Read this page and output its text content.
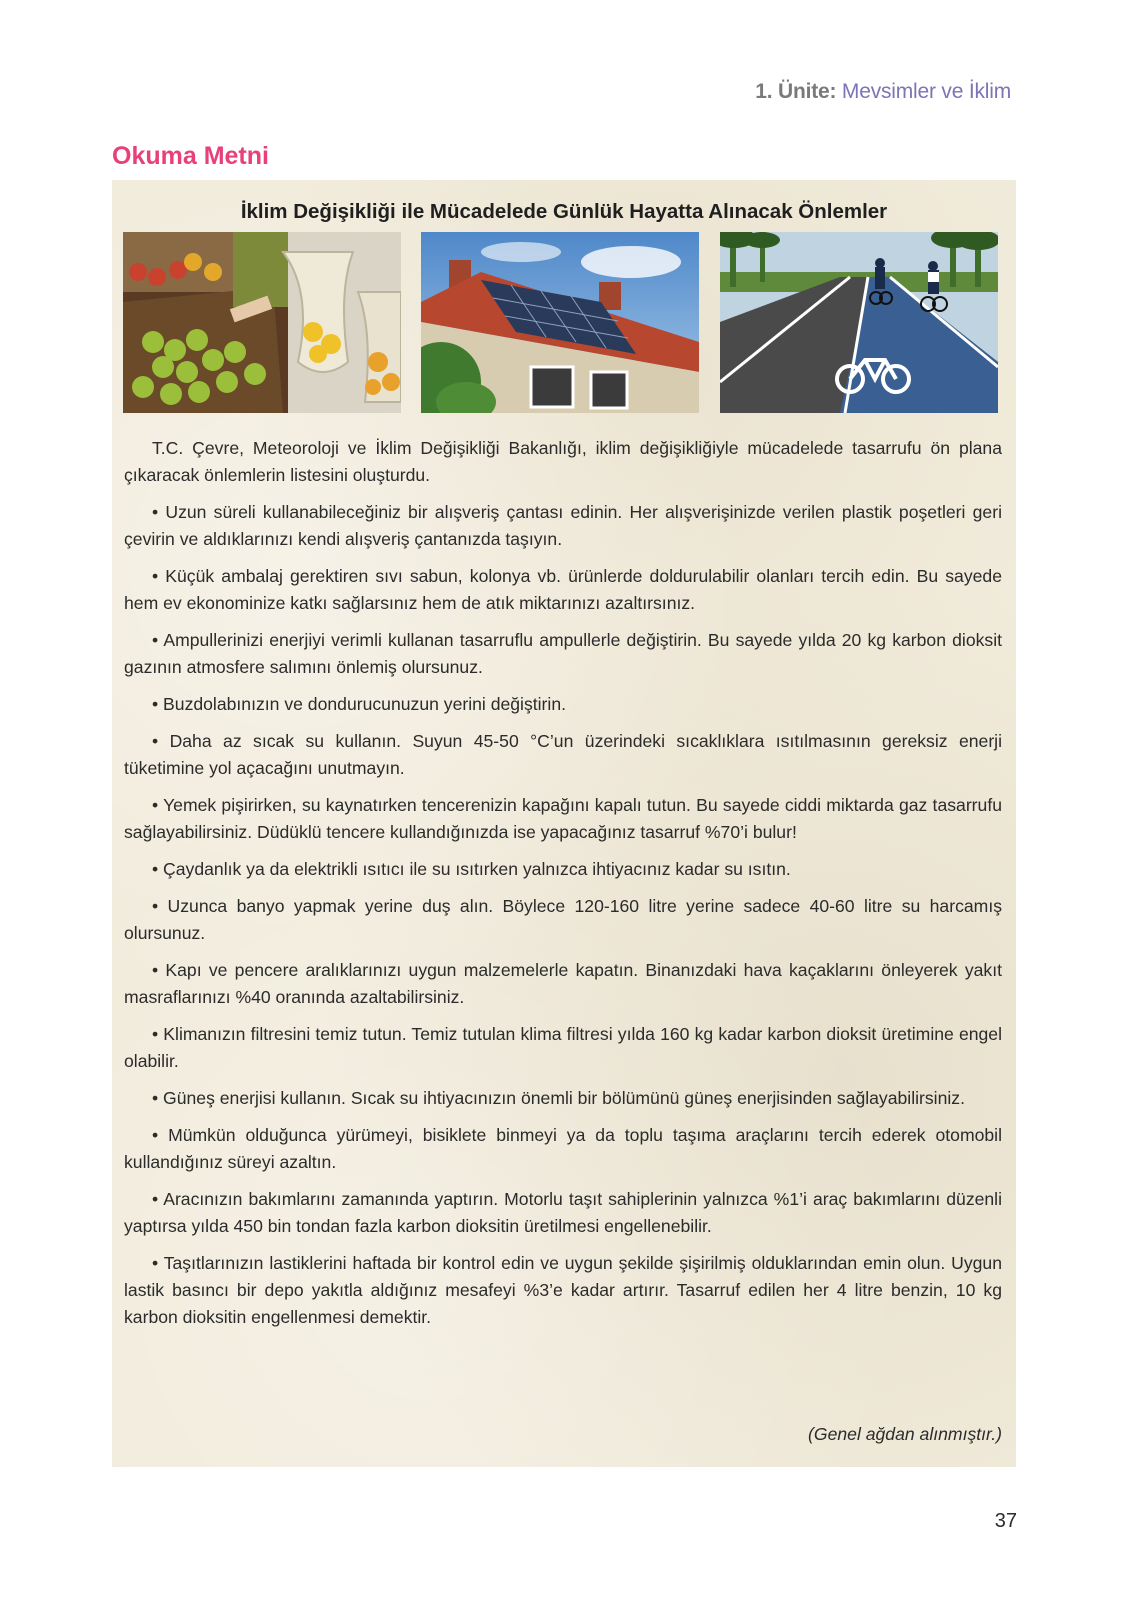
1. Ünite: Mevsimler ve İklim
Okuma Metni
İklim Değişikliği ile Mücadelede Günlük Hayatta Alınacak Önlemler

T.C. Çevre, Meteoroloji ve İklim Değişikliği Bakanlığı, iklim değişikliğiyle mücadelede tasarrufu ön plana çıkaracak önlemlerin listesini oluşturdu.

• Uzun süreli kullanabileceğiniz bir alışveriş çantası edinin. Her alışverişinizde verilen plastik poşetleri geri çevirin ve aldıklarınızı kendi alışveriş çantanızda taşıyın.

• Küçük ambalaj gerektiren sıvı sabun, kolonya vb. ürünlerde doldurulabilir olanları tercih edin. Bu sayede hem ev ekonominize katkı sağlarsınız hem de atık miktarınızı azaltırsınız.

• Ampullerinizi enerjiyi verimli kullanan tasarruflu ampullerle değiştirin. Bu sayede yılda 20 kg karbon dioksit gazının atmosfere salımını önlemiş olursunuz.

• Buzdolabınızın ve dondurucunuzun yerini değiştirin.

• Daha az sıcak su kullanın. Suyun 45-50 °C’un üzerindeki sıcaklıklara ısıtılmasının gereksiz enerji tüketimine yol açacağını unutmayın.

• Yemek pişirirken, su kaynatırken tencerenizin kapağını kapalı tutun. Bu sayede ciddi miktarda gaz tasarrufu sağlayabilirsiniz. Düdüklü tencere kullandığınızda ise yapacağınız tasarruf %70’i bulur!

• Çaydanlık ya da elektrikli ısıtıcı ile su ısıtırken yalnızca ihtiyacınız kadar su ısıtın.

• Uzunca banyo yapmak yerine duş alın. Böylece 120-160 litre yerine sadece 40-60 litre su harcamış olursunuz.

• Kapı ve pencere aralıklarınızı uygun malzemelerle kapatın. Binanızdaki hava kaçaklarını önleyerek yakıt masraflarınızı %40 oranında azaltabilirsiniz.

• Klimanızın filtresini temiz tutun. Temiz tutulan klima filtresi yılda 160 kg kadar karbon dioksit üretimine engel olabilir.

• Güneş enerjisi kullanın. Sıcak su ihtiyacınızın önemli bir bölümünü güneş enerjisinden sağlayabilirsiniz.

• Mümkün olduğunca yürümeyi, bisiklete binmeyi ya da toplu taşıma araçlarını tercih ederek otomobil kullandığınız süreyi azaltın.

• Aracınızın bakımlarını zamanında yaptırın. Motorlu taşıt sahiplerinin yalnızca %1’i araç bakımlarını düzenli yaptırsa yılda 450 bin tondan fazla karbon dioksitin üretilmesi engellenebilir.

• Taşıtlarınızın lastiklerini haftada bir kontrol edin ve uygun şekilde şişirilmiş olduklarından emin olun. Uygun lastik basıncı bir depo yakıtla aldığınız mesafeyi %3’e kadar artırır. Tasarruf edilen her 4 litre benzin, 10 kg karbon dioksitin engellenmesi demektir.

(Genel ağdan alınmıştır.)
37
